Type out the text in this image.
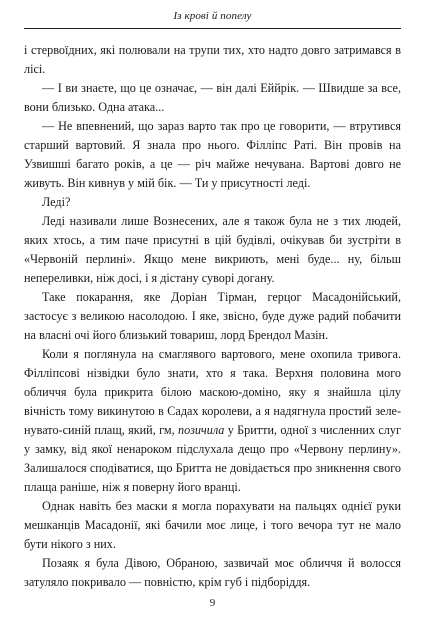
Із крові й попелу

і стервоїдних, які полювали на трупи тих, хто надто довго затримався в лісі.

— І ви знаєте, що це означає, — він далі Еййрік. — Швидше за все, вони близько. Одна атака...

— Не впевнений, що зараз варто так про це говорити, — втрутився старший вартовий. Я знала про нього. Філліпс Раті. Він провів на Узвишші багато років, а це — річ майже нечувана. Вартові довго не живуть. Він кивнув у мій бік. — Ти у присутності леді.

Леді?

Леді називали лише Вознесених, але я також була не з тих людей, яких хтось, а тим паче присутні в цій будівлі, очікував би зустріти в «Червоній перлині». Якщо мене викриють, мені буде... ну, більш непереливки, ніж досі, і я дістану суворі догану.

Таке покарання, яке Доріан Тірман, герцог Масадонійський, застосує з великою насолодою. І яке, звісно, буде дуже радий побачити на власні очі його близький товариш, лорд Брендол Мазін.

Коли я поглянула на смаглявого вартового, мене охопила тривога. Філліпсові нізвідки було знати, хто я така. Верхня половина мого обличчя була прикрита білою маскою-доміно, яку я знайшла цілу вічність тому викинутою в Садах королеви, а я надягнула простий зеленувато-синій плащ, який, гм, позичила у Бритти, одної з численних слуг у замку, від якої ненароком підслухала дещо про «Червону перлину». Залишалося сподіватися, що Бритта не довідається про зникнення свого плаща раніше, ніж я поверну його вранці.

Однак навіть без маски я могла порахувати на пальцях однієї руки мешканців Масадонії, які бачили моє лице, і того вечора тут не мало бути нікого з них.

Позаяк я була Дівою, Обраною, зазвичай моє обличчя й волосся затуляло покривало — повністю, крім губ і підборіддя.

9
